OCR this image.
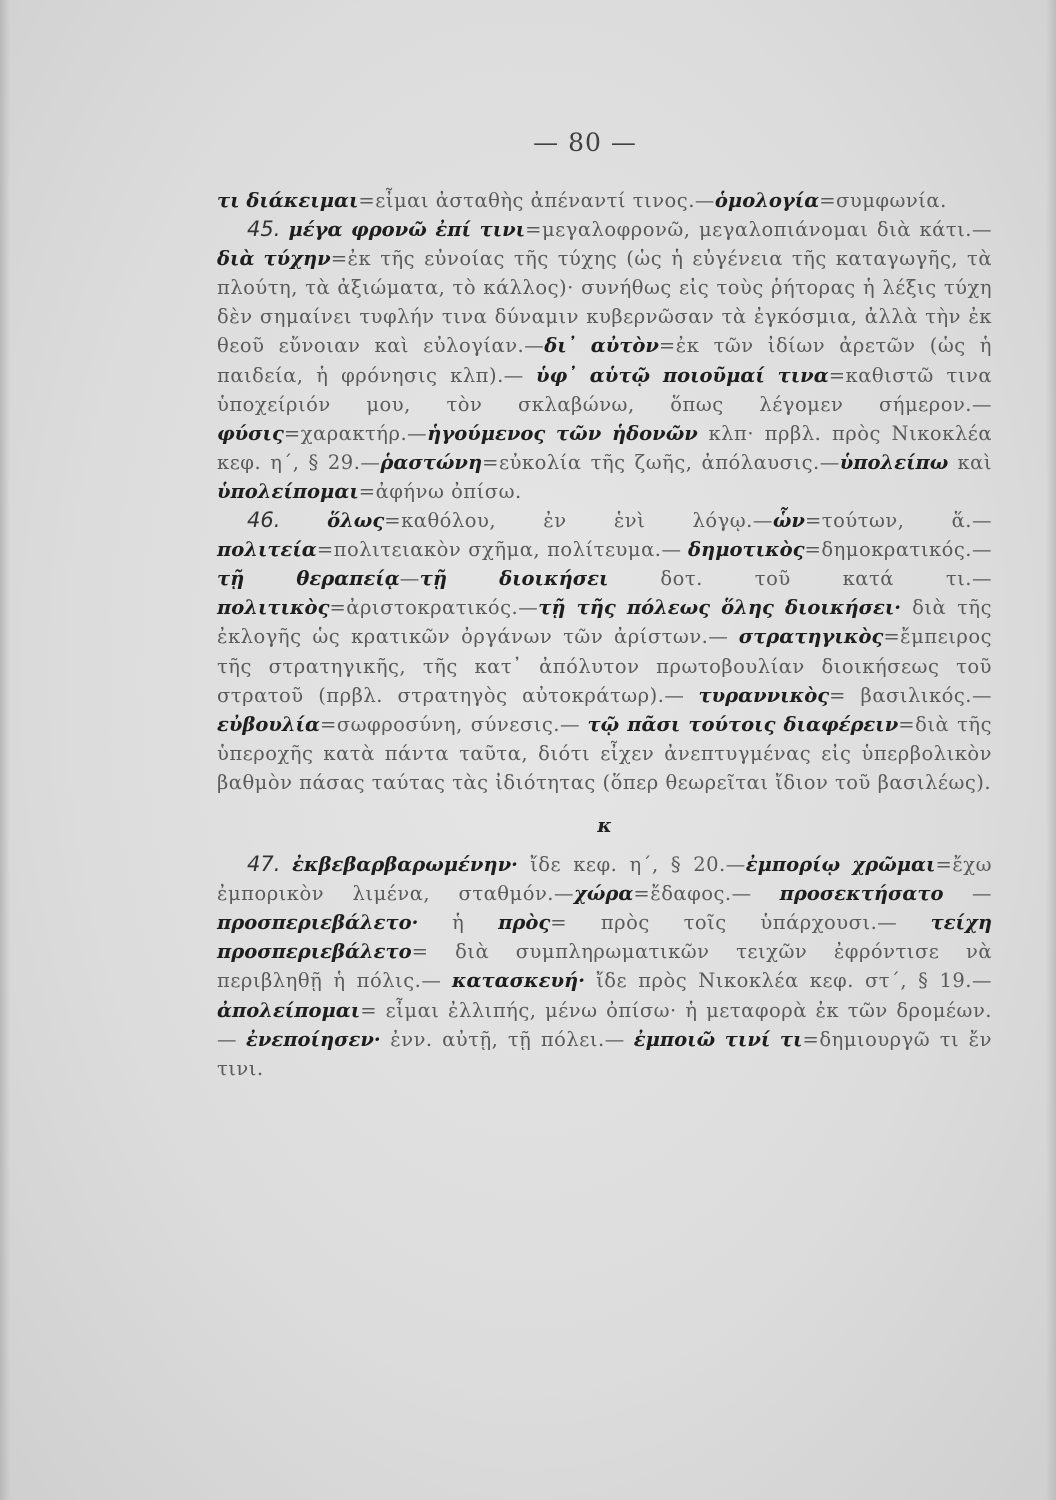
— 80 —

τι διάκειμαι=εἶμαι ἀσταθὴς ἀπέναντί τινος.—ὁμολογία=συμφωνία.

45. μέγα φρονῶ ἐπί τινι=μεγαλοφρονῶ, μεγαλοπιάνομαι διὰ κάτι.—διὰ τύχην=ἐκ τῆς εὐνοίας τῆς τύχης (ὡς ἡ εὐγένεια τῆς καταγωγῆς, τὰ πλούτη, τὰ ἀξιώματα, τὸ κάλλος)· συνήθως εἰς τοὺς ῥήτορας ἡ λέξις τύχη δὲν σημαίνει τυφλήν τινα δύναμιν κυβερνῶσαν τὰ ἐγκόσμια, ἀλλὰ τὴν ἐκ θεοῦ εὔνοιαν καὶ εὐλογίαν.—δι᾽ αὐτὸν=ἐκ τῶν ἰδίων ἀρετῶν (ὡς ἡ παιδεία, ἡ φρόνησις κλπ).— ὑφ᾽ αὑτῷ ποιοῦμαί τινα=καθιστῶ τινα ὑποχείριόν μου, τὸν σκλαβώνω, ὅπως λέγομεν σήμερον.—φύσις=χαρακτήρ.—ἡγούμενος τῶν ἡδονῶν κλπ· πρβλ. πρὸς Νικοκλέα κεφ. η΄, § 29.—ῥαστώνη=εὐκολία τῆς ζωῆς, ἀπόλαυσις.—ὑπολείπω καὶ ὑπολείπομαι=ἀφήνω ὀπίσω.

46. ὅλως=καθόλου, ἐν ἑνὶ λόγῳ.—ὧν=τούτων, ἅ.—πολιτεία=πολιτειακὸν σχῆμα, πολίτευμα.— δημοτικὸς=δημοκρατικός.—τῇ θεραπείᾳ—τῇ διοικήσει δοτ. τοῦ κατά τι.—πολιτικὸς=ἀριστοκρατικός.—τῇ τῆς πόλεως ὅλης διοικήσει· διὰ τῆς ἐκλογῆς ὡς κρατικῶν ὀργάνων τῶν ἀρίστων.— στρατηγικὸς=ἔμπειρος τῆς στρατηγικῆς, τῆς κατ᾽ ἀπόλυτον πρωτοβουλίαν διοικήσεως τοῦ στρατοῦ (πρβλ. στρατηγὸς αὐτοκράτωρ).— τυραννικὸς= βασιλικός.—εὐβουλία=σωφροσύνη, σύνεσις.— τῷ πᾶσι τούτοις διαφέρειν=διὰ τῆς ὑπεροχῆς κατὰ πάντα ταῦτα, διότι εἶχεν ἀνεπτυγμένας εἰς ὑπερβολικὸν βαθμὸν πάσας ταύτας τὰς ἰδιότητας (ὅπερ θεωρεῖται ἴδιον τοῦ βασιλέως).

κ

47. ἐκβεβαρβαρωμένην· ἴδε κεφ. η΄, § 20.—ἐμπορίῳ χρῶμαι=ἔχω ἐμπορικὸν λιμένα, σταθμόν.—χώρα=ἔδαφος.— προσεκτήσατο — προσπεριεβάλετο· ἡ πρὸς= πρὸς τοῖς ὑπάρχουσι.— τείχη προσπεριεβάλετο= διὰ συμπληρωματικῶν τειχῶν ἐφρόντισε νὰ περιβληθῇ ἡ πόλις.— κατασκευή· ἴδε πρὸς Νικοκλέα κεφ. στ΄, § 19.— ἀπολείπομαι= εἶμαι ἐλλιπής, μένω ὀπίσω· ἡ μεταφορὰ ἐκ τῶν δρομέων.— ἐνεποίησεν· ἐνν. αὐτῇ, τῇ πόλει.— ἐμποιῶ τινί τι=δημιουργῶ τι ἔν τινι.
